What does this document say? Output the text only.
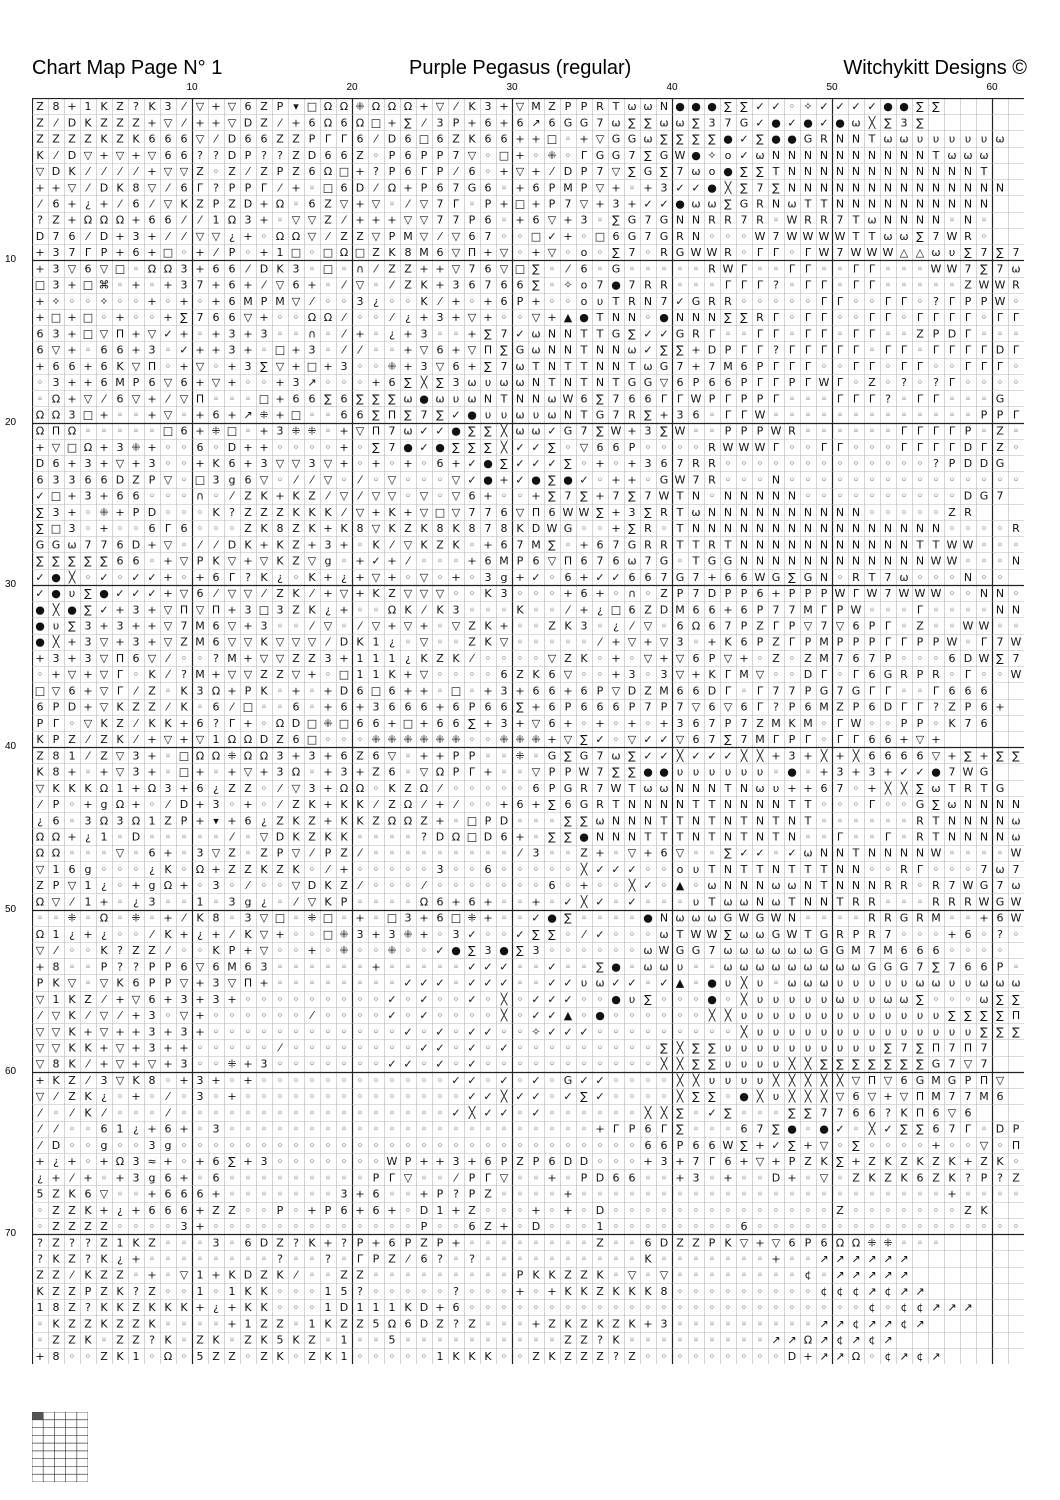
Chart Map Page N° 1	Purple Pegasus (regular)	Witchykitt Designs ©
10	20	30	40	50	60
10
20
30
40
50
60
70
Z 8 + 1 K Z ? K 3 ⁄ ▽ + ▽ 6 Z P ▾ □ Ω Ω ⁜ Ω Ω Ω + ▽ ⁄ K 3 + ▽ M Z P P R T ω ω N ● ● ● ∑ ∑ ✓ ✓ ◦ ✧ ✓ ✓ ✓ ✓ ● ● ∑ ∑
Z ⁄ D K Z Z Z + ▽ ⁄ + + ▽ D Z ⁄ + 6 Ω 6 Ω □ + ∑ ⁄ 3 P + 6 + 6 ↗ 6 G G 7 ω ∑ ∑ ω ω ∑ 3 7 G ✓ ● ✓ ● ✓ ● ω ╳ ∑ 3 ∑
Z Z Z Z K Z K 6 6 6 ▽ ⁄ D 6 6 Z Z P Γ Γ 6 ⁄ D 6 □ 6 Z K 6 6 + + □ ◦ + ▽ G G ω ∑ ∑ ∑ ∑ ● ✓ ∑ ● ● G R N N T ω ω υ υ υ υ υ ω
K ⁄ D ▽ + ▽ + ▽ 6 6 ? ? D P ? ? Z D 6 6 Z ◦ P 6 P P 7 ▽ ◦ □ + ◦ ⁜ ◦ Γ G G 7 ∑ G W ● ✧ o ✓ ω N N N N N N N N N N T ω ω ω
▽ D K ⁄ ⁄ ⁄ ⁄ + ▽ ▽ Z ◦ Z ⁄ Z P Z 6 Ω □ + ? P 6 Γ P ⁄ 6 ◦ + ▽ + ⁄ D P 7 ▽ ∑ G ∑ 7 ω o ● ∑ ∑ T N N N N N N N N N N N N T
+ + ▽ ⁄ D K 8 ▽ ⁄ 6 Γ ? P P Γ ⁄ + ◦ □ 6 D ⁄ Ω + P 6 7 G 6 ◦ + 6 P M P ▽ + ◦ + 3 ✓ ✓ ● ╳ ∑ 7 ∑ N N N N N N N N N N N N N N
⁄ 6 + ¿ + ⁄ 6 ⁄ ▽ K Z P Z D + Ω ◦ 6 Z ▽ + ▽ ◦ ⁄ ▽ 7 Γ ◦ P + □ + P 7 ▽ + 3 + ✓ ✓ ● ω ω ∑ G R N ω T T N N N N N N N N N N
? Z + Ω Ω Ω + 6 6 ⁄ ⁄ 1 Ω 3 + ◦ ▽ ▽ Z ⁄ + + + ▽ ▽ 7 7 P 6 ◦ + 6 ▽ + 3 ◦ ∑ G 7 G N N R R 7 R ◦ W R R 7 T ω N N N N ◦ N ◦
D 7 6 ⁄ D + 3 + ⁄ ⁄ ▽ ▽ ¿ + ◦ Ω Ω ▽ ⁄ Z Z ▽ P M ▽ ⁄ ▽ 6 7 ◦ ◦ □ ✓ + ◦ □ 6 G 7 G R N ◦ ◦ ◦ W 7 W W W W T T ω ω ∑ 7 W R ◦
+ 3 7 Γ P + 6 + □ ◦ + ⁄ P ◦ + 1 □ ◦ □ Ω □ Z K 8 M 6 ▽ Π + ▽ ◦ + ▽ ◦ o ◦ ∑ 7 ◦ R G W W R ◦ Γ Γ ◦ Γ W 7 W W W △ △ ω υ ∑ 7 ∑ 7
+ 3 ▽ 6 ▽ □ ◦ Ω Ω 3 + 6 6 ⁄ D K 3 ◦ □ ◦ ∩ ⁄ Z Z + + ▽ 7 6 ▽ □ ∑ ◦ ⁄ 6 ◦ G ◦ ◦ ◦ ◦ ◦ R W Γ ◦ ◦ Γ Γ ◦ ◦ Γ Γ ◦ ◦ ◦ W W 7 ∑ 7 ω
□ 3 + □ ⌘ ◦ + ◦ + 3 7 + 6 + ⁄ ▽ 6 + ◦ ⁄ ▽ ◦ ⁄ Z K + 3 6 7 6 6 ∑ ◦ ✧ o 7 ● 7 R R ◦ ◦ ◦ Γ Γ Γ ? ◦ Γ Γ ◦ Γ Γ ◦ ◦ ◦ ◦ ◦ Z W W R
+ ✧ ◦ ◦ ✧ ◦ ◦ + ◦ + ◦ + 6 M P M ▽ ⁄ ◦ ◦ 3 ¿ ◦ ◦ K ⁄ + ◦ + 6 P + ◦ ◦ o υ T R N 7 ✓ G R R ◦ ◦ ◦ ◦ ◦ Γ Γ ◦ ◦ Γ Γ ◦ ? Γ P P W ◦
+ □ + □ ◦ + ◦ ◦ + ∑ 7 6 6 ▽ + ◦ ◦ Ω Ω ⁄ ◦ ◦ ⁄ ¿ + 3 + ▽ + ◦ ◦ ▽ + ▲ ● T N N ◦ ● N N N ∑ ∑ R Γ ◦ Γ Γ ◦ ◦ Γ Γ ◦ Γ Γ Γ Γ ◦ Γ Γ
6 3 + □ ▽ Π + ▽ ✓ + ◦ + 3 + 3 ◦ ◦ ∩ ◦ ⁄ + ◦ ¿ + 3 ◦ ◦ + ∑ 7 ✓ ω N N T T G ∑ ✓ ✓ G R Γ ◦ ◦ Γ Γ ◦ Γ Γ ◦ Γ Γ ◦ ◦ Z P D Γ ◦ ◦ ◦
6 ▽ + ◦ 6 6 + 3 ◦ ✓ + + 3 + ◦ □ + 3 ◦ ⁄ ⁄ ◦ ◦ + ▽ 6 + ▽ Π ∑ G ω N N T N N ω ✓ ∑ ∑ + D P Γ Γ ? Γ Γ Γ Γ Γ ◦ Γ Γ ◦ Γ Γ Γ Γ D Γ
+ 6 6 + 6 K ▽ Π ◦ + ▽ ◦ + 3 ∑ ▽ + □ + 3 ◦ ◦ ⁜ + 3 ▽ 6 + ∑ 7 ω T N T T N N T ω G 7 + 7 M 6 P Γ Γ Γ ◦ ◦ Γ Γ ◦ Γ Γ ◦ ◦ Γ Γ Γ ◦
◦ 3 + + 6 M P 6 ▽ 6 + ▽ + ◦ ◦ + 3 ↗ ◦ ◦ ◦ + 6 ∑ ╳ ∑ 3 ω υ ω ω N T N T N T G G ▽ 6 P 6 6 P Γ Γ P Γ W Γ ◦ Z ◦ ? ◦ ? Γ ◦ ◦ ◦ ◦
◦ Ω + ▽ ⁄ 6 ▽ + ⁄ ▽ Π ◦ ◦ ◦ □ + 6 6 ∑ 6 ∑ ∑ ∑ ω ● ω υ ω N T N N ω W 6 ∑ 7 6 6 Γ Γ W P Γ P P Γ ◦ ◦ ◦ Γ Γ Γ ? ◦ Γ Γ ◦ ◦ ◦ G
Ω Ω 3 □ + ◦ ◦ + ▽ ◦ + 6 + ↗ ⁜ + □ ◦ ◦ 6 6 ∑ Π ∑ 7 ∑ ✓ ● υ υ ω υ ω N T G 7 R ∑ + 3 6 ◦ Γ Γ W ◦ ◦ ◦ ◦ ◦ ◦ ◦ ◦ ◦ ◦ ◦ ◦ ◦ P P Γ
Ω Π Ω ◦ ◦ ◦ ◦ ◦ □ 6 + ⁜ □ ◦ + 3 ⁜ ⁜ ◦ + ▽ Π 7 ω ✓ ✓ ● ∑ ∑ ╳ ω ω ✓ G 7 ∑ W + 3 ∑ W ◦ ◦ P P P W R ◦ ◦ ◦ ◦ ◦ ◦ Γ Γ Γ Γ P ◦ Z ◦
+ ▽ □ Ω + 3 ⁜ + ◦ ◦ 6 ◦ D + + ◦ ◦ ◦ ◦ + ◦ ∑ 7 ● ✓ ● ∑ ∑ ∑ ╳ ✓ ✓ ∑ ◦ ▽ 6 6 P ◦ ◦ ◦ ◦ R W W W Γ ◦ ◦ Γ Γ ◦ ◦ ◦ Γ Γ Γ Γ D Γ Z ◦
D 6 + 3 + ▽ + 3 ◦ ◦ + K 6 + 3 ▽ ▽ 3 ▽ + ◦ + ◦ + ◦ 6 + ✓ ● ∑ ✓ ✓ ✓ ∑ ◦ + ◦ + 3 6 7 R R ◦ ◦ ◦ ◦ ◦ ◦ ◦ ◦ ◦ ◦ ◦ ◦ ◦ ? P D D G
6 3 3 6 6 D Z P ▽ ◦ □ 3 g 6 ▽ ◦ ⁄ ⁄ ▽ ◦ ⁄ ◦ ▽ ◦ ◦ ◦ ▽ ✓ ● + ✓ ● ∑ ● ✓ ◦ + + ◦ G W 7 R ◦ ◦ ◦ N ◦ ◦ ◦ ◦ ◦ ◦ ◦ ◦ ◦ ◦ ◦ ◦ ◦ ◦ ◦
✓ □ + 3 + 6 6 ◦ ◦ ◦ ∩ ◦ ⁄ Z K + K Z ⁄ ▽ ⁄ ▽ ▽ ◦ ▽ ◦ ▽ 6 + ◦ ◦ + ∑ 7 ∑ + 7 ∑ 7 W T N ◦ N N N N N ◦ ◦ ◦ ◦ ◦ ◦ ◦ ◦ ◦ ◦ D G 7
∑ 3 + ◦ ⁜ + P D ◦ ◦ ◦ K ? Z Z Z K K K ⁄ ▽ + K + ▽ □ ▽ 7 7 6 ▽ Π 6 W W ∑ + 3 ∑ R T ω N N N N N N N N N N ◦ ◦ ◦ ◦ ◦ Z R
∑ □ 3 ◦ + ◦ ◦ 6 Γ 6 ◦ ◦ ◦ Z K 8 Z K + K 8 ▽ K Z K 8 K 8 7 8 K D W G ◦ ◦ + ∑ R ◦ T N N N N N N N N N N N N N N N N ◦ ◦ ◦ ◦ R
G G ω 7 7 6 D + ▽ ◦ ⁄ ⁄ D K + K Z + 3 + ◦ K ⁄ ▽ K Z K ◦ + 6 7 M ∑ ◦ + 6 7 G R R T T R T N N N N N N N N N N N T T W W ◦ ◦ ◦
∑ ∑ ∑ ∑ ∑ 6 6 ◦ + ▽ P K ▽ + ▽ K Z ▽ g ◦ + ✓ + ⁄ ◦ ◦ ◦ + 6 M P 6 ▽ Π 6 7 6 ω 7 G ◦ T G G N N N N N N N N N N N N W W ◦ ◦ ◦ N
✓ ● ╳ ◦ ✓ ◦ ✓ ✓ + ◦ + 6 Γ ? K ¿ ◦ K + ¿ + ▽ + ◦ ▽ ◦ + ◦ 3 g + ✓ ◦ 6 + ✓ ✓ 6 6 7 G 7 + 6 6 W G ∑ G N ◦ R T 7 ω ◦ ◦ ◦ N ◦ ◦
✓ ● υ ∑ ● ✓ ✓ ✓ + ▽ 6 ⁄ ▽ ▽ ⁄ Z K ⁄ + ▽ + K Z ▽ ▽ ▽ ◦ ◦ K 3 ◦ ◦ ◦ + 6 + ◦ ∩ ◦ Z P 7 D P P 6 + P P P W Γ W 7 W W W ◦ ◦ N N ◦
● ╳ ● ∑ ✓ + 3 + ▽ Π ▽ Π + 3 □ 3 Z K ¿ + ◦ ◦ Ω K ⁄ K 3 ◦ ◦ ◦ K ◦ ◦ ⁄ + ¿ □ 6 Z D M 6 6 + 6 P 7 7 M Γ P W ◦ ◦ ◦ Γ ◦ ◦ ◦ ◦ N N
● υ ∑ 3 + 3 + + ▽ 7 M 6 ▽ + 3 ◦ ◦ ⁄ ▽ ◦ ⁄ ▽ + ▽ + ◦ ▽ Z K + ◦ ◦ Z K 3 ◦ ¿ ⁄ ▽ ◦ 6 Ω 6 7 P Z Γ P ▽ 7 ▽ 6 P Γ ◦ Z ◦ ◦ W W ◦ ◦
● ╳ + 3 ▽ + 3 + ▽ Z M 6 ▽ ▽ K ▽ ▽ ▽ ⁄ D K 1 ¿ ◦ ▽ ◦ ◦ Z K ▽ ◦ ◦ ◦ ◦ ◦ ⁄ + ▽ + ▽ 3 ◦ + K 6 P Z Γ P M P P P Γ Γ P P W ◦ Γ 7 W
+ 3 + 3 ▽ Π 6 ▽ ⁄ ◦ ◦ ? M + ▽ ▽ Z Z 3 + 1 1 1 ¿ K Z K ⁄ ◦ ◦ ◦ ◦ ▽ Z K ◦ + ◦ ▽ + ▽ 6 P ▽ + ◦ Z ◦ Z M 7 6 7 P ◦ ◦ ◦ 6 D W ∑ 7
◦ + ▽ + ▽ Γ ◦ K ⁄ ? M + ▽ ▽ Z Z ▽ + ◦ □ 1 1 K + ▽ ◦ ◦ ◦ ◦ 6 Z K 6 ▽ ◦ ◦ + 3 ◦ 3 ▽ + K Γ M ▽ ◦ ◦ D Γ ◦ Γ 6 G R P R ◦ Γ ◦ ◦ W
□ ▽ 6 + ▽ Γ ⁄ Z ◦ K 3 Ω + P K ◦ + ◦ + D 6 □ 6 + + ◦ □ ◦ + 3 + 6 6 + 6 P ▽ D Z M 6 6 D Γ ◦ Γ 7 7 P G 7 G Γ Γ ◦ ◦ Γ 6 6 6
6 P D + ▽ K Z Z ⁄ K ◦ 6 ⁄ □ ◦ ◦ 6 ◦ + 6 + 3 6 6 6 + 6 P 6 6 ∑ + 6 P 6 6 6 P 7 P 7 ▽ 6 ▽ 6 Γ ? P 6 M Z P 6 D Γ Γ ? Z P 6 +
P Γ ◦ ▽ K Z ⁄ K K + 6 ? Γ + ◦ Ω D □ ⁜ □ 6 6 + □ + 6 6 ∑ + 3 + ▽ 6 + ◦ + ◦ + ◦ + 3 6 7 P 7 Z M K M ◦ Γ W ◦ ◦ P P ◦ K 7 6
K P Z ⁄ Z K ⁄ + ▽ + ▽ 1 Ω Ω D Z 6 □ ◦ ◦ ◦ ⁜ ⁜ ⁜ ⁜ ⁜ ⁜ ◦ ◦ ⁜ ⁜ ⁜ + ▽ ∑ ✓ ◦ ▽ ✓ ✓ ▽ 6 7 ∑ 7 M Γ P Γ ◦ Γ Γ 6 6 + ▽ +
Z 8 1 ⁄ Z ▽ 3 + ◦ □ Ω Ω ⁜ Ω Ω 3 + 3 + 6 Z 6 ▽ ◦ + + P P ◦ ◦ ⁜ ◦ G ∑ G 7 ω ∑ ✓ ✓ ╳ ✓ ✓ ✓ ╳ ╳ + 3 + ╳ + ╳ 6 6 6 6 ▽ + ∑ + ∑ ∑
K 8 + ◦ + ▽ 3 + ◦ □ + ◦ + ▽ + 3 Ω ◦ + 3 + Z 6 ◦ ▽ Ω P Γ + ◦ ◦ ▽ P P W 7 ∑ ∑ ● ● υ υ υ υ υ υ ◦ ● ◦ + 3 + 3 + ✓ ✓ ● 7 W G
▽ K K K Ω 1 + Ω 3 + 6 ¿ Z Z ◦ ⁄ ▽ 3 + Ω Ω ◦ K Z Ω ⁄ ◦ ◦ ◦ ◦ ◦ 6 P G R 7 W T ω ω N N N T N ω υ + + 6 7 ◦ + ╳ ╳ ∑ ω T R T G
⁄ P ◦ + g Ω + ◦ ⁄ D + 3 ◦ + ◦ ⁄ Z K + K K ⁄ Z Ω ⁄ + ⁄ ◦ ◦ + 6 + ∑ 6 G R T N N N N T T N N N N T T ◦ ◦ ◦ Γ ◦ ◦ G ∑ ω N N N N
¿ 6 ◦ 3 Ω 3 Ω 1 Z P + ▾ + 6 ¿ Z K Z + K K Z Ω Ω Z + ◦ □ P D ◦ ◦ ◦ ∑ ∑ ω N N N T T N T N T N T N T ◦ ◦ ◦ ◦ ◦ ◦ R T N N N N ω
Ω Ω + ¿ 1 ◦ D ◦ ◦ ◦ ◦ ◦ ⁄ ◦ ▽ D K Z K K ◦ ◦ ◦ ◦ ? D Ω □ D 6 + ◦ ∑ ∑ ● N N N T T T N T N T N T N ◦ ◦ Γ ◦ ◦ Γ ◦ R T N N N N ω
Ω Ω ◦ ◦ ◦ ▽ ◦ 6 + ◦ 3 ▽ Z ◦ Z P ▽ ⁄ P Z ⁄ ◦ ◦ ◦ ◦ ◦ ◦ ◦ ◦ ◦ ⁄ 3 ◦ ◦ Z + ◦ ▽ + 6 ▽ ◦ ◦ ∑ ✓ ✓ ◦ ✓ ω N N T N N N N W ◦ ◦ ◦ ◦ W
▽ 1 6 g ◦ ◦ ◦ ¿ K ◦ Ω + Z Z K Z K ◦ ⁄ + ◦ ◦ ◦ ◦ ◦ 3 ◦ ◦ 6 ◦ ◦ ◦ ◦ ◦ ╳ ✓ ✓ ✓ ◦ ◦ o υ T N T T N T T T N N ◦ ◦ R Γ ◦ ◦ ◦ 7 ω 7
Z P ▽ 1 ¿ ◦ + g Ω + ◦ 3 ◦ ⁄ ◦ ◦ ▽ D K Z ⁄ ◦ ◦ ◦ ⁄ ◦ ◦ ◦ ◦ ◦ ◦ ◦ 6 ◦ + ◦ ◦ ╳ ✓ ◦ ▲ ◦ ω N N N ω ω N T N N N R R ◦ R 7 W G 7 ω
Ω ▽ ⁄ 1 + ◦ ¿ 3 ◦ ◦ 1 ◦ 3 g ¿ ◦ ⁄ ▽ K P ◦ ◦ ◦ ◦ Ω 6 + 6 + ◦ ◦ + ◦ ✓ ╳ ✓ ◦ ✓ ◦ ◦ ◦ υ T ω ω N ω T N N T R R ◦ ◦ ◦ R R R W G W
◦ ◦ ⁜ ◦ Ω ◦ ⁜ ◦ + ⁄ K 8 ◦ 3 ▽ □ ◦ ⁜ □ ◦ + ◦ □ 3 + 6 □ ⁜ + ◦ ◦ ✓ ● ∑ ◦ ◦ ◦ ◦ ● N ω ω ω G W G W N ◦ ◦ ◦ ◦ R R G R M ◦ ◦ + 6 W
Ω 1 ¿ + ¿ ◦ ◦ ⁄ K + ¿ + ⁄ K ▽ + ◦ ◦ □ ⁜ 3 + 3 ⁜ + ◦ 3 ✓ ◦ ◦ ✓ ∑ ∑ ◦ ⁄ ✓ ◦ ◦ ◦ ω T W W ∑ ω ω G W T G R P R 7 ◦ ◦ ◦ + 6 ◦ ? ◦
▽ ⁄ ◦ ◦ K ? Z Z ⁄ ◦ ◦ K P + ▽ ◦ ◦ + ◦ ⁜ ◦ ◦ ⁜ ◦ ◦ ✓ ● ∑ 3 ● ∑ 3 ◦ ◦ ◦ ◦ ◦ ◦ ω W G G 7 ω ω ω ω ω ω G G M 7 M 6 6 6 ◦ ◦ ◦ ◦
+ 8 ◦ ◦ P ? ? P P 6 ▽ 6 M 6 3 ◦ ◦ ◦ ◦ ◦ ◦ + ◦ ◦ ◦ ◦ ◦ ✓ ✓ ✓ ◦ ◦ ✓ ◦ ◦ ∑ ● ◦ ω ω υ ◦ ◦ ω ω ω ω ω ω ω ω ω G G G 7 ∑ 7 6 6 P ◦
P K ▽ ◦ ▽ K 6 P P ▽ + 3 ▽ Π + ◦ ◦ ◦ ◦ ◦ ◦ ◦ ◦ ✓ ✓ ✓ ◦ ✓ ✓ ✓ ◦ ◦ ✓ ✓ υ ω ✓ ✓ ◦ ✓ ▲ ◦ ● υ ╳ υ ◦ ω ω ω υ υ υ υ υ ω ω υ υ ω ω ω
▽ 1 K Z ⁄ + ▽ 6 + 3 + 3 + ◦ ◦ ◦ ◦ ◦ ◦ ◦ ◦ ◦ ✓ ◦ ✓ ◦ ◦ ✓ ◦ ╳ ◦ ✓ ✓ ✓ ◦ ◦ ● υ ∑ ◦ ◦ ◦ ● ◦ ╳ υ υ υ υ υ ω υ υ ω ω ∑ ◦ ◦ ◦ ω ∑ ∑
⁄ ▽ K ⁄ ▽ ⁄ + 3 ◦ ▽ + ◦ ◦ ◦ ◦ ◦ ◦ ⁄ ◦ ◦ ◦ ◦ ✓ ◦ ✓ ◦ ◦ ◦ ◦ ╳ ◦ ✓ ✓ ▲ ◦ ● ◦ ◦ ◦ ◦ ◦ ◦ ╳ ╳ υ υ υ υ υ υ υ υ υ υ υ υ υ ∑ ∑ ∑ ∑ Π
▽ ▽ K + ▽ + + 3 + 3 + ◦ ◦ ◦ ◦ ◦ ◦ ◦ ◦ ◦ ◦ ◦ ◦ ✓ ◦ ✓ ◦ ✓ ✓ ◦ ◦ ✧ ✓ ✓ ✓ ◦ ◦ ◦ ◦ ◦ ◦ ◦ ◦ ◦ ╳ υ υ υ υ υ υ υ υ υ υ υ υ υ υ ∑ ∑ ∑
▽ ▽ K K + ▽ + 3 + + ◦ ◦ ◦ ◦ ◦ ⁄ ◦ ◦ ◦ ◦ ◦ ◦ ◦ ◦ ✓ ✓ ◦ ✓ ◦ ✓ ◦ ◦ ◦ ◦ ◦ ◦ ◦ ◦ ◦ ∑ ╳ ∑ ∑ υ υ υ υ υ υ υ υ υ υ ∑ 7 ∑ Π 7 Π 7
▽ 8 K ⁄ + ▽ + ▽ + 3 ◦ ◦ ⁜ + 3 ◦ ◦ ◦ ◦ ◦ ◦ ◦ ✓ ✓ ◦ ✓ ◦ ✓ ◦ ◦ ◦ ◦ ◦ ◦ ◦ ◦ ◦ ◦ ◦ ╳ ╳ ∑ ∑ υ υ υ υ ╳ ╳ ∑ ∑ ∑ ∑ ∑ ∑ ∑ G 7 ▽ 7
+ K Z ⁄ 3 ▽ K 8 ◦ + 3 + ◦ + ◦ ◦ ◦ ◦ ◦ ◦ ◦ ◦ ◦ ◦ ◦ ◦ ✓ ✓ ◦ ✓ ◦ ✓ ◦ G ✓ ✓ ◦ ◦ ◦ ◦ ╳ ╳ υ υ υ υ ╳ ╳ ╳ ╳ ╳ ▽ Π ▽ 6 G M G P Π ▽
▽ ⁄ Z K ¿ ◦ + ◦ ⁄ ◦ 3 ◦ + ◦ ◦ ◦ ◦ ◦ ◦ ◦ ◦ ◦ ◦ ◦ ◦ ◦ ◦ ✓ ✓ ╳ ✓ ✓ ◦ ✓ ∑ ✓ ◦ ◦ ◦ ◦ ╳ ∑ ∑ ◦ ● ╳ υ ╳ ╳ ╳ ▽ 6 ▽ + ▽ Π M 7 7 M 6
⁄ ◦ ⁄ K ⁄ ◦ ◦ ◦ ⁄ ◦ ◦ ◦ ◦ ◦ ◦ ◦ ◦ ◦ ◦ ◦ ◦ ◦ ◦ ◦ ◦ ◦ ✓ ╳ ✓ ✓ ◦ ✓ ◦ ◦ ◦ ◦ ◦ ◦ ╳ ╳ ∑ ◦ ✓ ∑ ◦ ◦ ◦ ∑ ∑ 7 7 6 6 ? K Π 6 ▽ 6
⁄ ⁄ ◦ ◦ 6 1 ¿ + 6 + ◦ 3 ◦ ◦ ◦ ◦ ◦ ◦ ◦ ◦ ◦ ◦ ◦ ◦ ◦ ◦ ◦ ◦ ◦ ◦ ◦ ◦ ◦ ◦ ◦ + Γ P 6 Γ ∑ ◦ ◦ ◦ 6 7 ∑ ● ◦ ● ✓ ◦ ╳ ✓ ∑ ∑ 6 7 Γ ◦ D P
⁄ D ◦ ◦ g ◦ ◦ 3 g ◦ ◦ ◦ ◦ ◦ ◦ ◦ ◦ ◦ ◦ ◦ ◦ ◦ ◦ ◦ ◦ ◦ ◦ ◦ ◦ ◦ ◦ ◦ ◦ ◦ ◦ ◦ ◦ ◦ 6 6 P 6 6 W ∑ + ✓ ∑ + ▽ ◦ ∑ ◦ ◦ ◦ ◦ + ◦ ◦ ▽ ◦ Π
+ ¿ + ◦ + Ω 3 ≈ + ◦ + 6 ∑ + 3 ◦ ◦ ◦ ◦ ◦ ◦ ◦ W P + + 3 + 6 P Z P 6 D D ◦ ◦ ◦ + 3 + 7 Γ 6 + ▽ + P Z K ∑ + Z K Z K Z K + Z K ◦
¿ + ⁄ + ◦ + 3 g 6 + ◦ 6 ◦ ◦ ◦ ◦ ◦ ◦ ◦ ◦ ◦ P Γ ▽ ◦ ◦ ⁄ P Γ ▽ ◦ ◦ + ◦ P D 6 6 ◦ ◦ + 3 ◦ + ◦ ◦ D + ◦ ▽ ◦ Z K Z K 6 Z K ? P ? Z
5 Z K 6 ▽ ◦ ◦ + 6 6 6 + ◦ ◦ ◦ ◦ ◦ ◦ ◦ 3 + 6 ◦ ◦ + P ? P Z ◦ ◦ ◦ ◦ + ◦ ◦ ◦ ◦ ◦ ◦ ◦ ◦ ◦ ◦ ◦ ◦ ◦ ◦ ◦ ◦ ◦ ◦ ◦ ◦ ◦ ◦ ◦ + ◦ ◦ ◦ ◦
◦ Z Z K + ¿ + 6 6 6 + Z Z ◦ ◦ P ◦ + P 6 + 6 + ◦ D 1 + Z ◦ ◦ ◦ + ◦ + ◦ D ◦ ◦ ◦ ◦ ◦ ◦ ◦ ◦ ◦ ◦ ◦ ◦ ◦ ◦ Z ◦ ◦ ◦ ◦ ◦ ◦ ◦ Z K
◦ Z Z Z Z ◦ ◦ ◦ ◦ 3 + ◦ ◦ ◦ ◦ ◦ ◦ ◦ ◦ ◦ ◦ ◦ ◦ ◦ P ◦ ◦ 6 Z + ◦ D ◦ ◦ ◦ 1 ◦ ◦ ◦ ◦ ◦ ◦ ◦ ◦ 6 ◦ ◦ ◦ ◦ ◦ ◦ ◦ ◦ ◦ ◦ ◦ ◦ ◦ ◦ ◦ ◦ ◦
? Z ? ? Z 1 K Z ◦ ◦ ◦ 3 ◦ 6 D Z ? K + ? P + 6 P Z P + ◦ ◦ ◦ ◦ ◦ ◦ ◦ ◦ Z ◦ ◦ 6 D Z Z P K ▽ + ▽ 6 P 6 Ω Ω ⁜ ⁜ ◦ ◦ ◦
? K Z ? K ¿ + ◦ ◦ ◦ ◦ ◦ ◦ ◦ ◦ ? ◦ ◦ ? ◦ Γ P Z ⁄ 6 ? ◦ ? ◦ ◦ ◦ ◦ ◦ ◦ ◦ ◦ ◦ ◦ K ◦ ◦ ◦ ◦ ◦ ◦ ◦ + ◦ ◦ ↗ ↗ ↗ ↗ ↗ ↗
Z Z ⁄ K Z Z ◦ + ◦ ▽ 1 + K D Z K ⁄ ◦ ◦ Z Z ◦ ◦ ◦ ◦ ◦ ◦ ◦ ◦ ◦ P K K Z Z K ◦ ▽ ◦ ▽ ◦ ◦ ◦ ◦ ◦ ◦ ◦ ◦ ¢ ◦ ↗ ↗ ↗ ↗ ↗
K Z Z P Z K ? Z ◦ ◦ 1 ◦ 1 K K ◦ ◦ ◦ 1 5 ? ◦ ◦ ◦ ◦ ◦ ? ◦ ◦ ◦ + ◦ + K K Z K K K 8 ◦ ◦ ◦ ◦ ◦ ◦ ◦ ◦ ◦ ¢ ¢ ¢ ↗ ¢ ↗ ↗
1 8 Z ? K K Z K K K + ¿ + K K ◦ ◦ ◦ 1 D 1 1 1 K D + 6 ◦ ◦ ◦ ◦ ◦ ◦ ◦ ◦ ◦ ◦ ◦ ◦ ◦ ◦ ◦ ◦ ◦ ◦ ◦ ◦ ◦ ◦ ◦ ◦ ◦ ¢ ◦ ¢ ¢ ↗ ↗ ↗
◦ K Z Z K Z Z K ◦ ◦ ◦ ◦ + 1 Z Z ◦ 1 K Z Z 5 Ω 6 D Z ? Z ◦ ◦ ◦ + Z K Z K Z K + 3 ◦ ◦ ◦ ◦ ◦ ◦ ◦ ◦ ◦ ↗ ↗ ¢ ↗ ↗ ¢ ↗
◦ Z Z K ◦ Z Z ? K ◦ Z K ◦ Z K 5 K Z ◦ 1 ◦ ◦ 5 ◦ ◦ ◦ ◦ ◦ ◦ ◦ ◦ ◦ ◦ Z Z ? K ◦ ◦ ◦ ◦ ◦ ◦ ◦ ◦ ◦ ↗ ↗ Ω ↗ ¢ ↗ ¢ ↗
+ 8 ◦ ◦ Z K 1 ◦ Ω ◦ 5 Z Z ◦ Z K ◦ Z K 1 ◦ ◦ ◦ ◦ ◦ 1 K K K ◦ ◦ Z K Z Z Z ? Z ◦ ◦ ◦ ◦ ◦ ◦ ◦ ◦ ◦ D + ↗ ↗ Ω ◦ ¢ ↗ ¢ ↗
